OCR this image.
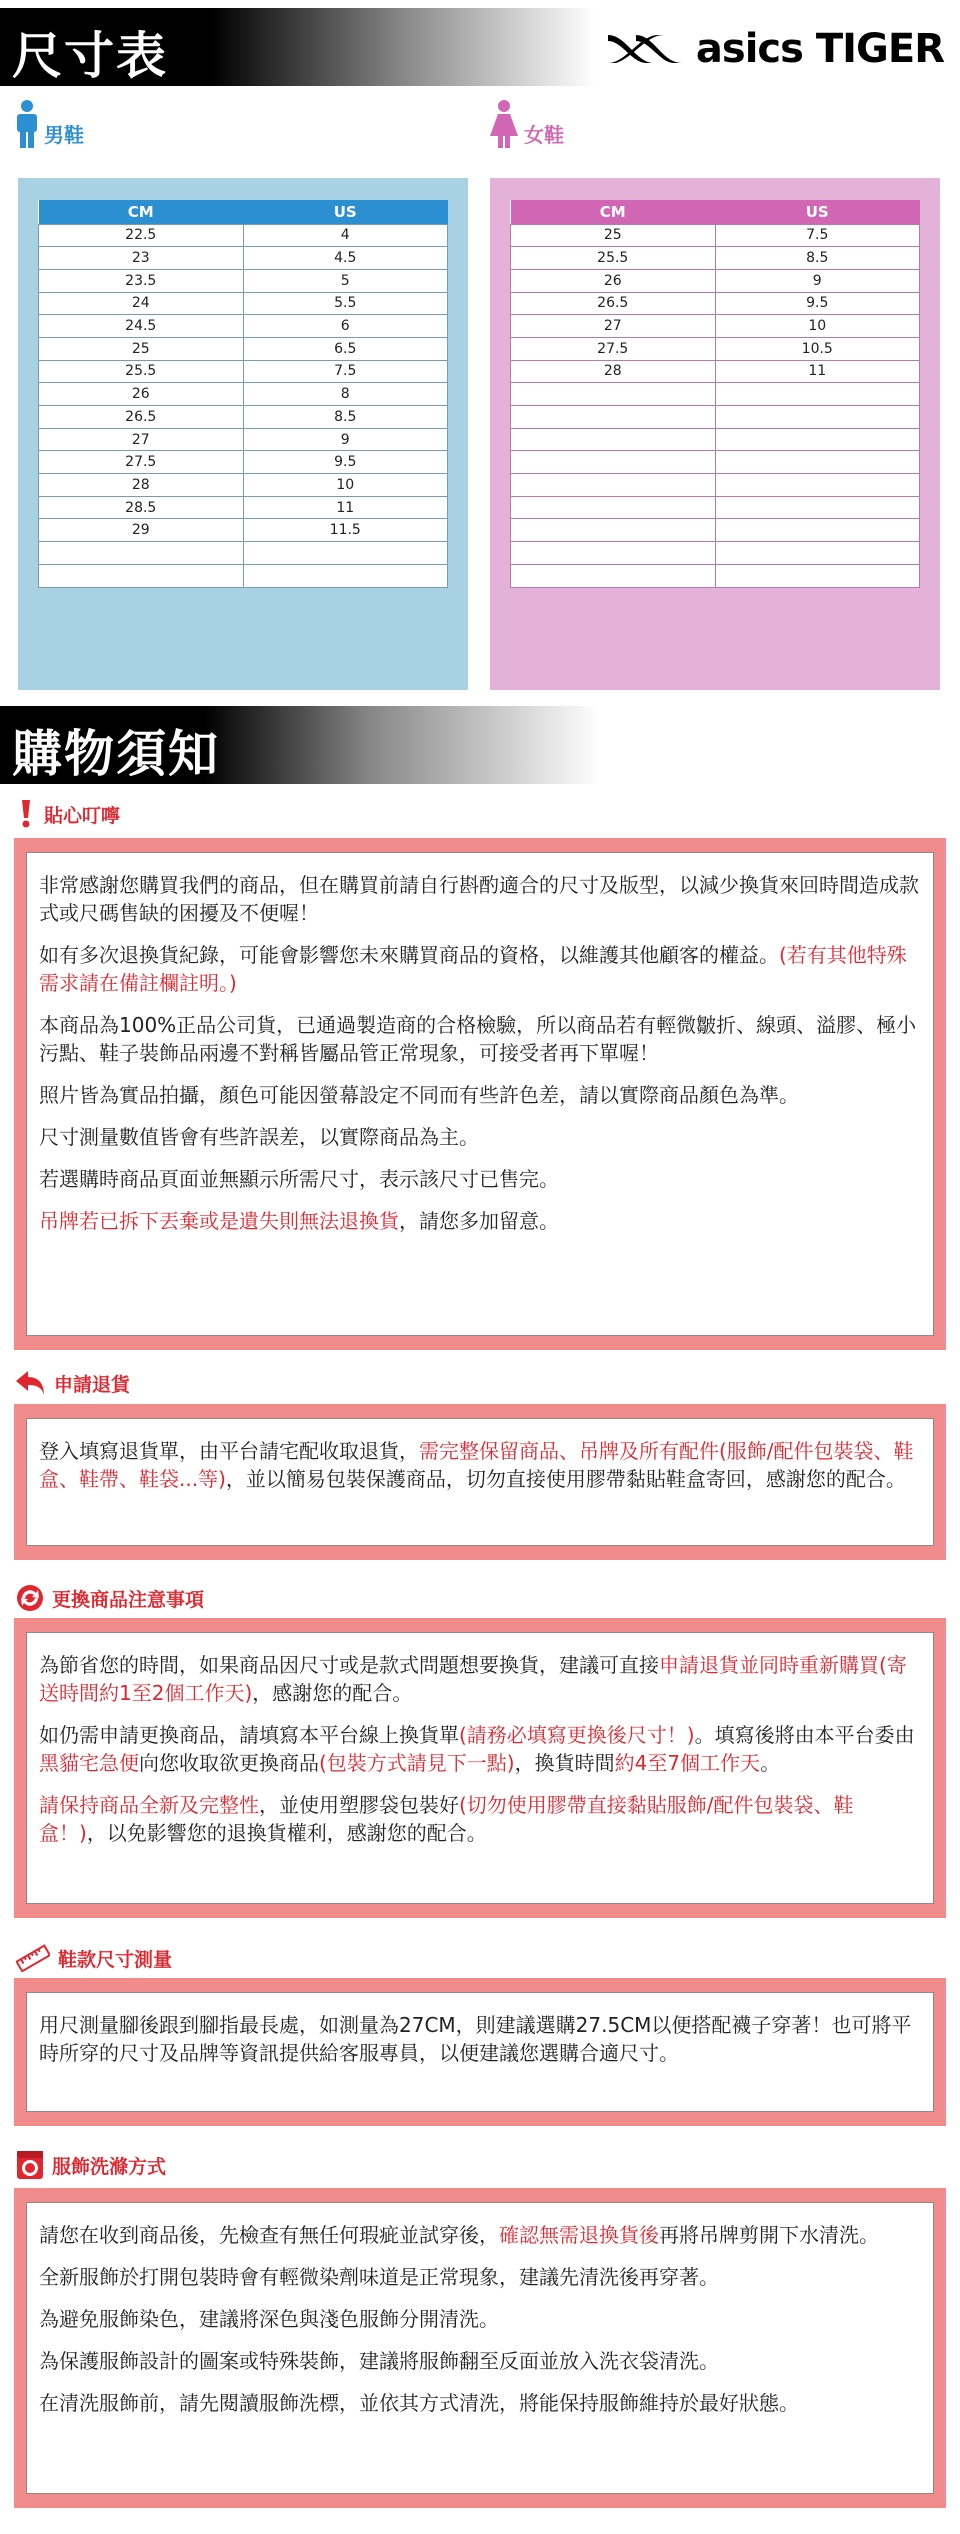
尺寸表	asics TIGER
男鞋	女鞋
CM	US
22.5	4
23	4.5
23.5	5
24	5.5
24.5	6
25	6.5
25.5	7.5
26	8
26.5	8.5
27	9
27.5	9.5
28	10
28.5	11
29	11.5

CM	US
25	7.5
25.5	8.5
26	9
26.5	9.5
27	10
27.5	10.5
28	11

購物須知
貼心叮嚀

非常感謝您購買我們的商品，但在購買前請自行斟酌適合的尺寸及版型，以減少換貨來回時間造成款式或尺碼售缺的困擾及不便喔！

如有多次退換貨紀錄，可能會影響您未來購買商品的資格，以維護其他顧客的權益。(若有其他特殊需求請在備註欄註明。)

本商品為100%正品公司貨，已通過製造商的合格檢驗，所以商品若有輕微皺折、線頭、溢膠、極小污點、鞋子裝飾品兩邊不對稱皆屬品管正常現象，可接受者再下單喔！

照片皆為實品拍攝，顏色可能因螢幕設定不同而有些許色差，請以實際商品顏色為準。

尺寸測量數值皆會有些許誤差，以實際商品為主。

若選購時商品頁面並無顯示所需尺寸，表示該尺寸已售完。

吊牌若已拆下丟棄或是遺失則無法退換貨，請您多加留意。

申請退貨

登入填寫退貨單，由平台請宅配收取退貨，需完整保留商品、吊牌及所有配件(服飾/配件包裝袋、鞋盒、鞋帶、鞋袋...等)，並以簡易包裝保護商品，切勿直接使用膠帶黏貼鞋盒寄回，感謝您的配合。

更換商品注意事項

為節省您的時間，如果商品因尺寸或是款式問題想要換貨，建議可直接申請退貨並同時重新購買(寄送時間約1至2個工作天)，感謝您的配合。

如仍需申請更換商品，請填寫本平台線上換貨單(請務必填寫更換後尺寸！)。填寫後將由本平台委由黑貓宅急便向您收取欲更換商品(包裝方式請見下一點)，換貨時間約4至7個工作天。

請保持商品全新及完整性，並使用塑膠袋包裝好(切勿使用膠帶直接黏貼服飾/配件包裝袋、鞋盒！)，以免影響您的退換貨權利，感謝您的配合。

鞋款尺寸測量

用尺測量腳後跟到腳指最長處，如測量為27CM，則建議選購27.5CM以便搭配襪子穿著！也可將平時所穿的尺寸及品牌等資訊提供給客服專員，以便建議您選購合適尺寸。

服飾洗滌方式

請您在收到商品後，先檢查有無任何瑕疵並試穿後，確認無需退換貨後再將吊牌剪開下水清洗。

全新服飾於打開包裝時會有輕微染劑味道是正常現象，建議先清洗後再穿著。

為避免服飾染色，建議將深色與淺色服飾分開清洗。

為保護服飾設計的圖案或特殊裝飾，建議將服飾翻至反面並放入洗衣袋清洗。

在清洗服飾前，請先閱讀服飾洗標，並依其方式清洗，將能保持服飾維持於最好狀態。
